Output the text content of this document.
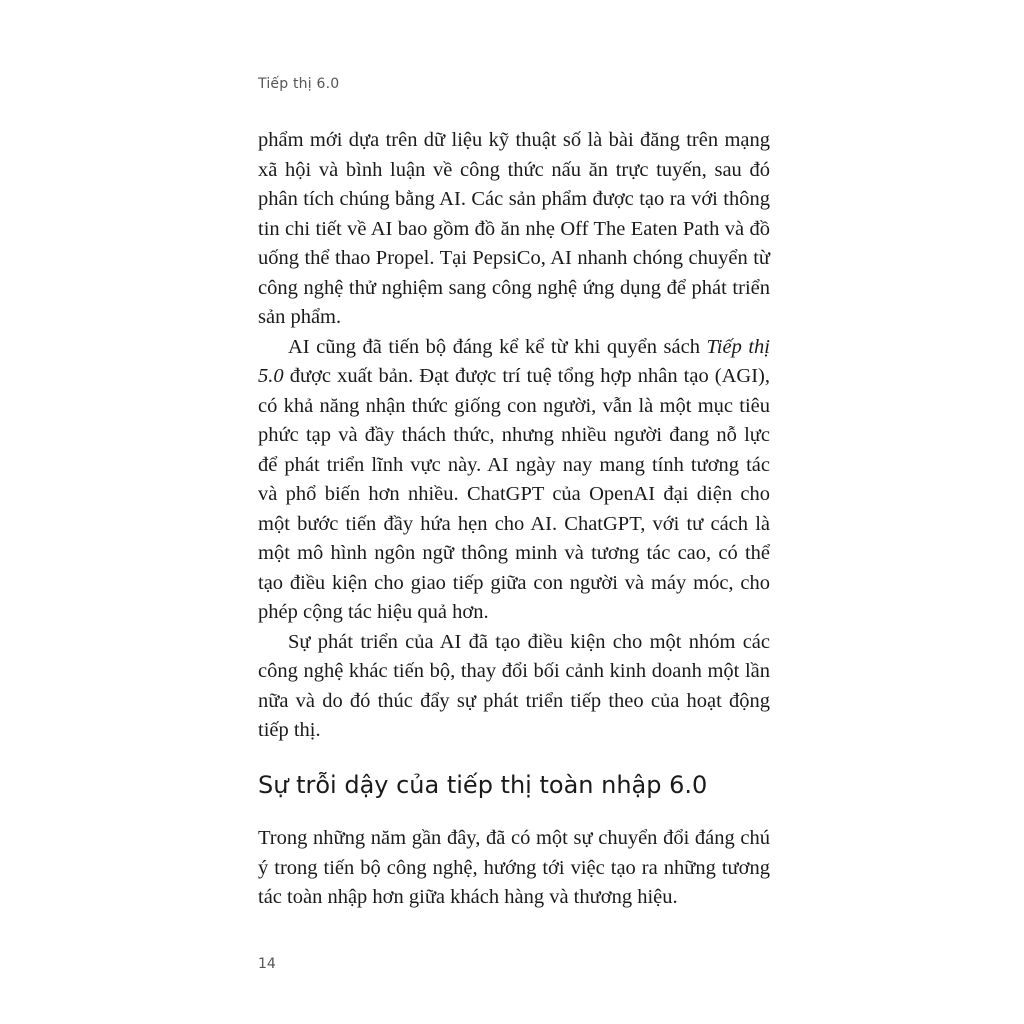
Tiếp thị 6.0

phẩm mới dựa trên dữ liệu kỹ thuật số là bài đăng trên mạng xã hội và bình luận về công thức nấu ăn trực tuyến, sau đó phân tích chúng bằng AI. Các sản phẩm được tạo ra với thông tin chi tiết về AI bao gồm đồ ăn nhẹ Off The Eaten Path và đồ uống thể thao Propel. Tại PepsiCo, AI nhanh chóng chuyển từ công nghệ thử nghiệm sang công nghệ ứng dụng để phát triển sản phẩm.

AI cũng đã tiến bộ đáng kể kể từ khi quyển sách Tiếp thị 5.0 được xuất bản. Đạt được trí tuệ tổng hợp nhân tạo (AGI), có khả năng nhận thức giống con người, vẫn là một mục tiêu phức tạp và đầy thách thức, nhưng nhiều người đang nỗ lực để phát triển lĩnh vực này. AI ngày nay mang tính tương tác và phổ biến hơn nhiều. ChatGPT của OpenAI đại diện cho một bước tiến đầy hứa hẹn cho AI. ChatGPT, với tư cách là một mô hình ngôn ngữ thông minh và tương tác cao, có thể tạo điều kiện cho giao tiếp giữa con người và máy móc, cho phép cộng tác hiệu quả hơn.

Sự phát triển của AI đã tạo điều kiện cho một nhóm các công nghệ khác tiến bộ, thay đổi bối cảnh kinh doanh một lần nữa và do đó thúc đẩy sự phát triển tiếp theo của hoạt động tiếp thị.

Sự trỗi dậy của tiếp thị toàn nhập 6.0

Trong những năm gần đây, đã có một sự chuyển đổi đáng chú ý trong tiến bộ công nghệ, hướng tới việc tạo ra những tương tác toàn nhập hơn giữa khách hàng và thương hiệu.

14
